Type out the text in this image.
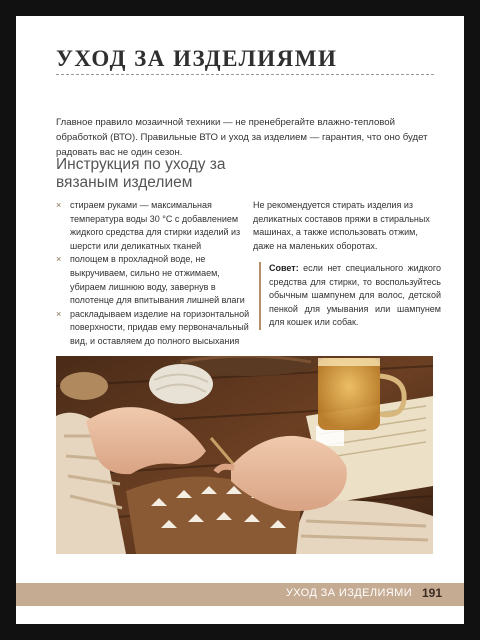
УХОД ЗА ИЗДЕЛИЯМИ

Главное правило мозаичной техники — не пренебрегайте влажно-тепловой обработкой (ВТО). Правильные ВТО и уход за изделием — гарантия, что оно будет радовать вас не один сезон.

Инструкция по уходу за вязаным изделием
× стираем руками — максимальная температура воды 30 °C с добавлением жидкого средства для стирки изделий из шерсти или деликатных тканей
× полощем в прохладной воде, не выкручиваем, сильно не отжимаем, убираем лишнюю воду, завернув в полотенце для впитывания лишней влаги
× раскладываем изделие на горизонтальной поверхности, придав ему первоначальный вид, и оставляем до полного высыхания

Не рекомендуется стирать изделия из деликатных составов пряжи в стиральных машинах, а также использовать отжим, даже на маленьких оборотах.

Совет: если нет специального жидкого средства для стирки, то воспользуйтесь обычным шампунем для волос, детской пенкой для умывания или шампунем для кошек или собак.
УХОД ЗА ИЗДЕЛИЯМИ 191
